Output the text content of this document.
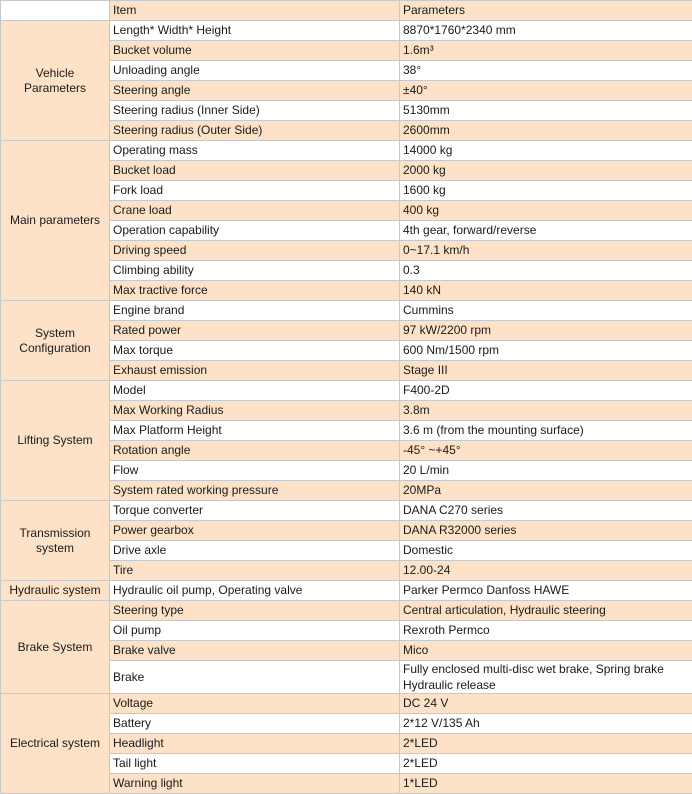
	Item	Parameters
Vehicle Parameters	Length* Width* Height	8870*1760*2340 mm
	Bucket volume	1.6m³
	Unloading angle	38°
	Steering angle	±40°
	Steering radius (Inner Side)	5130mm
	Steering radius (Outer Side)	2600mm
Main parameters	Operating mass	14000 kg
	Bucket load	2000 kg
	Fork load	1600 kg
	Crane load	400 kg
	Operation capability	4th gear, forward/reverse
	Driving speed	0~17.1 km/h
	Climbing ability	0.3
	Max tractive force	140 kN
System Configuration	Engine brand	Cummins
	Rated power	97 kW/2200 rpm
	Max torque	600 Nm/1500 rpm
	Exhaust emission	Stage III
Lifting System	Model	F400-2D
	Max Working Radius	3.8m
	Max Platform Height	3.6 m (from the mounting surface)
	Rotation angle	-45° ~+45°
	Flow	20 L/min
	System rated working pressure	20MPa
Transmission system	Torque converter	DANA C270 series
	Power gearbox	DANA R32000 series
	Drive axle	Domestic
	Tire	12.00-24
Hydraulic system	Hydraulic oil pump, Operating valve	Parker Permco Danfoss HAWE
Brake System	Steering type	Central articulation, Hydraulic steering
	Oil pump	Rexroth Permco
	Brake valve	Mico
	Brake	Fully enclosed multi-disc wet brake, Spring brake Hydraulic release
Electrical system	Voltage	DC 24 V
	Battery	2*12 V/135 Ah
	Headlight	2*LED
	Tail light	2*LED
	Warning light	1*LED
